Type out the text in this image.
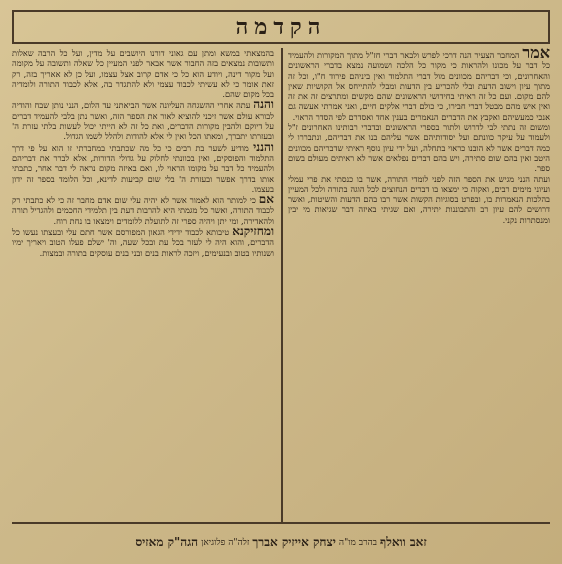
הקדמה

אמר המחבר הצעיר הנה דרכי לפרש ולבאר דברי חז"ל מתוך המקורות ולהעמיד כל דבר על מכונו ולהראות כי מקור כל הלכה ושמועה נמצא בדברי הראשונים והאחרונים, וכי דבריהם מכוונים מול דברי התלמוד ואין ביניהם פירוד ח"ו, וכל זה מתוך עיון וישוב הדעת ובלי להכריע בין הדעות ומבלי להתייחס אל הקושיות שאין להם מקום. ועם כל זה ראיתי בחידושי הראשונים שהם מקשים ומתרצים זה את זה ואין איש מהם מבטל דברי חבירו, כי כולם דברי אלקים חיים, ואני אמרתי אעשה גם אנכי כמעשיהם ואקבץ את הדברים הנאמרים בענין אחד ואסדרם לפי הסדר הראוי.

ומשום זה נתתי לבי לדרוש ולתור בספרי הראשונים ובדברי רבותינו האחרונים ז"ל ולעמוד על עיקר כוונתם ועל יסודותיהם אשר עליהם בנו את דבריהם, ונתבררו לי כמה דברים אשר לא הובנו כראוי בתחלה, ועל ידי עיון נוסף ראיתי שדבריהם מכוונים היטב ואין בהם שום סתירה, ויש בהם דברים נפלאים אשר לא ראיתים מעולם בשום ספר.

ועתה הנני מגיש את הספר הזה לפני לומדי התורה, אשר בו כנסתי את פרי עמלי ועיוני מימים רבים, ואקוה כי ימצאו בו דברים הנחוצים לכל הוגה בתורה ולכל המעיין בהלכות הנאמרות בו, ובפרט בסוגיות הקשות אשר רבו בהם הדעות והשיטות, ואשר דרושים להם עיון רב והתבוננות יתירה, ואם שגיתי באיזה דבר שגיאות מי יבין ומנסתרות נקני.

בהמצאתי במשא ומתן עם גאוני דורנו היושבים על מדין, ועל כל הרבה שאלות ותשובות נמצאים בזה החבור אשר אבאר לפני המעיין כל שאלה ותשובה על מקומה ועל מקור דינה, ויודע הוא כל כי אדם קרוב אצל עצמו, ועל כן לא אאריך בזה, רק זאת אומר כי לא עשיתי לכבוד עצמי ולא להתגדר בה, אלא לכבוד התורה ולומדיה בכל מקום שהם.

והנה עתה אחרי ההשגחה העליונה אשר הביאתני עד הלום, הנני נותן שבח והודיה לבורא עולם אשר זיכני להוציא לאור את הספר הזה, ואשר נתן בלבי להעמיד דברים על דיוקם ולהבין מקורות הדברים, ואת כל זה לא הייתי יכול לעשות בלתי עזרת ה' ובעזרתו יתברך, ומאתו הכל ואין לי אלא להודות ולהלל לשמו הגדול.

והנני מודיע לשער בת רבים כי כל מה שכתבתי במחברתי זו הוא על פי דרך התלמוד והפוסקים, ואין בכוונתי לחלוק על גדולי הדורות, אלא לברר את דבריהם ולהעמיד כל דבר על מקומו הראוי לו, ואם באיזה מקום נראה לי דבר אחר, כתבתי אותו בדרך אפשר ובעזרת ה' בלי שום קביעות לדינא, וכל הלומד בספר זה ידון בעצמו.

אם כי למותר הוא לאמור אשר לא יהיה עלי שום אדם מחבר זה כי לא כתבתי רק לכבוד התורה, ואשר כל מגמתי היא להרבות דעת בין תלמידי החכמים ולהגדיל תורה ולהאדירה, ומי יתן ויהיה ספרי זה לתועלת ללומדים וימצאו בו נחת רוח.

ומחזיקנא טיבותא לכבוד ידידי הגאון המפורסם אשר חתם עלי ובעצתו נעשו כל הדברים, והוא היה לי לעזר בכל עת ובכל שעה, וה' ישלם פעלו הטוב ויאריך ימיו ושנותיו בטוב ובנעימים, ויזכה לראות בנים ובני בנים עוסקים בתורה ובמצות.

זאב וואלף
בהרב מו"ה
יצחק אייזיק אברך
זלה"ה פלוגיאן
הגה"ק מאזיס
